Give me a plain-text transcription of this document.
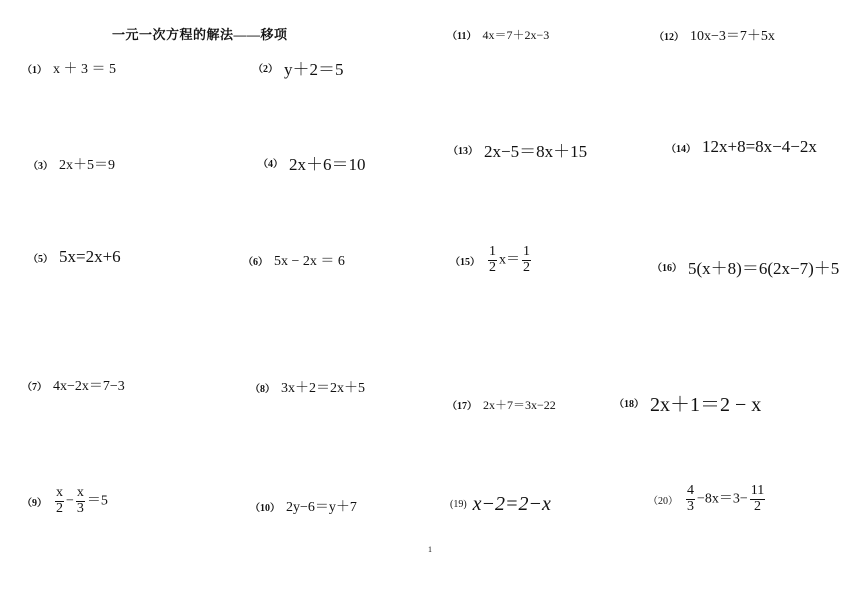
一元一次方程的解法——移项
（1） x ＋ 3 ＝ 5	（2） y＋2＝5
（3） 2x＋5＝9	（4） 2x＋6＝10
（5） 5x=2x+6	（6） 5x − 2x ＝ 6
（7） 4x−2x＝7−3	（8） 3x＋2＝2x＋5
$(9) \frac{x}{2} - \frac{x}{3} =5$	（10） 2y−6＝y＋7
（11） 4x＝7＋2x−3	（12） 10x−3＝7＋5x
（13） 2x−5＝8x＋15	（14） 12x+8=8x−4−2x
$(15) \frac{1}{2} x= \frac{1}{2}$	（16） 5(x＋8)＝6(2x−7)＋5
（17） 2x＋7＝3x−22	（18） 2x＋1＝2 − x
(19) x−2=2−x	$(20) \frac{4}{3} -8x=3- \frac{11}{2}$
1
